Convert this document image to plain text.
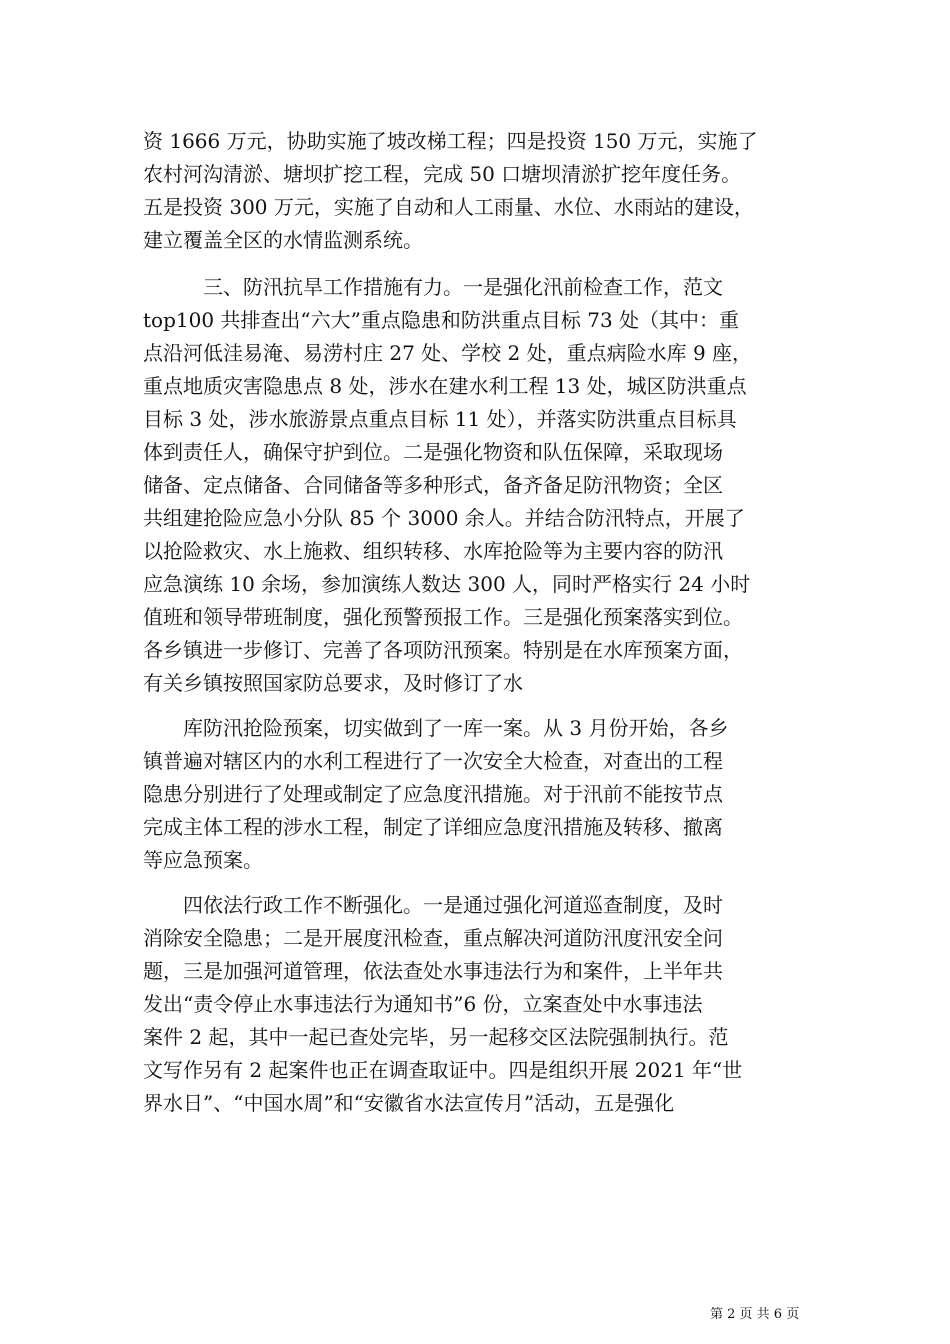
资 1666 万元，协助实施了坡改梯工程；四是投资 150 万元，实施了
农村河沟清淤、塘坝扩挖工程，完成 50 口塘坝清淤扩挖年度任务。
五是投资 300 万元，实施了自动和人工雨量、水位、水雨站的建设，
建立覆盖全区的水情监测系统。
三、防汛抗旱工作措施有力。一是强化汛前检查工作，范文
top100 共排查出“六大”重点隐患和防洪重点目标 73 处（其中：重
点沿河低洼易淹、易涝村庄 27 处、学校 2 处，重点病险水库 9 座，
重点地质灾害隐患点 8 处，涉水在建水利工程 13 处，城区防洪重点
目标 3 处，涉水旅游景点重点目标 11 处），并落实防洪重点目标具
体到责任人，确保守护到位。二是强化物资和队伍保障，采取现场
储备、定点储备、合同储备等多种形式，备齐备足防汛物资；全区
共组建抢险应急小分队 85 个 3000 余人。并结合防汛特点，开展了
以抢险救灾、水上施救、组织转移、水库抢险等为主要内容的防汛
应急演练 10 余场，参加演练人数达 300 人，同时严格实行 24 小时
值班和领导带班制度，强化预警预报工作。三是强化预案落实到位。
各乡镇进一步修订、完善了各项防汛预案。特别是在水库预案方面，
有关乡镇按照国家防总要求，及时修订了水
库防汛抢险预案，切实做到了一库一案。从 3 月份开始，各乡
镇普遍对辖区内的水利工程进行了一次安全大检查，对查出的工程
隐患分别进行了处理或制定了应急度汛措施。对于汛前不能按节点
完成主体工程的涉水工程，制定了详细应急度汛措施及转移、撤离
等应急预案。
四依法行政工作不断强化。一是通过强化河道巡查制度，及时
消除安全隐患；二是开展度汛检查，重点解决河道防汛度汛安全问
题，三是加强河道管理，依法查处水事违法行为和案件，上半年共
发出“责令停止水事违法行为通知书”6 份，立案查处中水事违法
案件 2 起，其中一起已查处完毕，另一起移交区法院强制执行。范
文写作另有 2 起案件也正在调查取证中。四是组织开展 2021 年“世
界水日”、“中国水周”和“安徽省水法宣传月”活动，五是强化
第 2 页 共 6 页
